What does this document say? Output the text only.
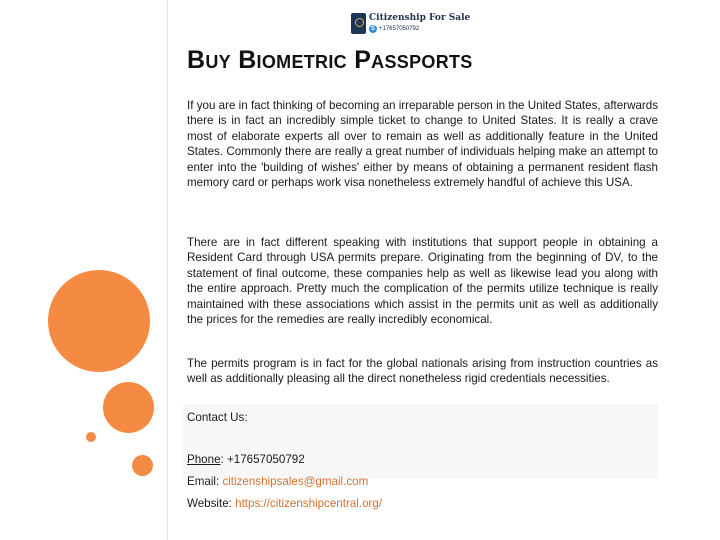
Citizenship For Sale
S +17657050792
Buy Biometric Passports

If you are in fact thinking of becoming an irreparable person in the United States, afterwards there is in fact an incredibly simple ticket to change to United States. It is really a crave most of elaborate experts all over to remain as well as additionally feature in the United States. Commonly there are really a great number of individuals helping make an attempt to enter into the 'building of wishes' either by means of obtaining a permanent resident flash memory card or perhaps work visa nonetheless extremely handful of achieve this USA.

There are in fact different speaking with institutions that support people in obtaining a Resident Card through USA permits prepare. Originating from the beginning of DV, to the statement of final outcome, these companies help as well as likewise lead you along with the entire approach. Pretty much the complication of the permits utilize technique is really maintained with these associations which assist in the permits unit as well as additionally the prices for the remedies are really incredibly economical.

The permits program is in fact for the global nationals arising from instruction countries as well as additionally pleasing all the direct nonetheless rigid credentials necessities.

Contact Us:

Phone: +17657050792

Email: citizenshipsales@gmail.com

Website: https://citizenshipcentral.org/
